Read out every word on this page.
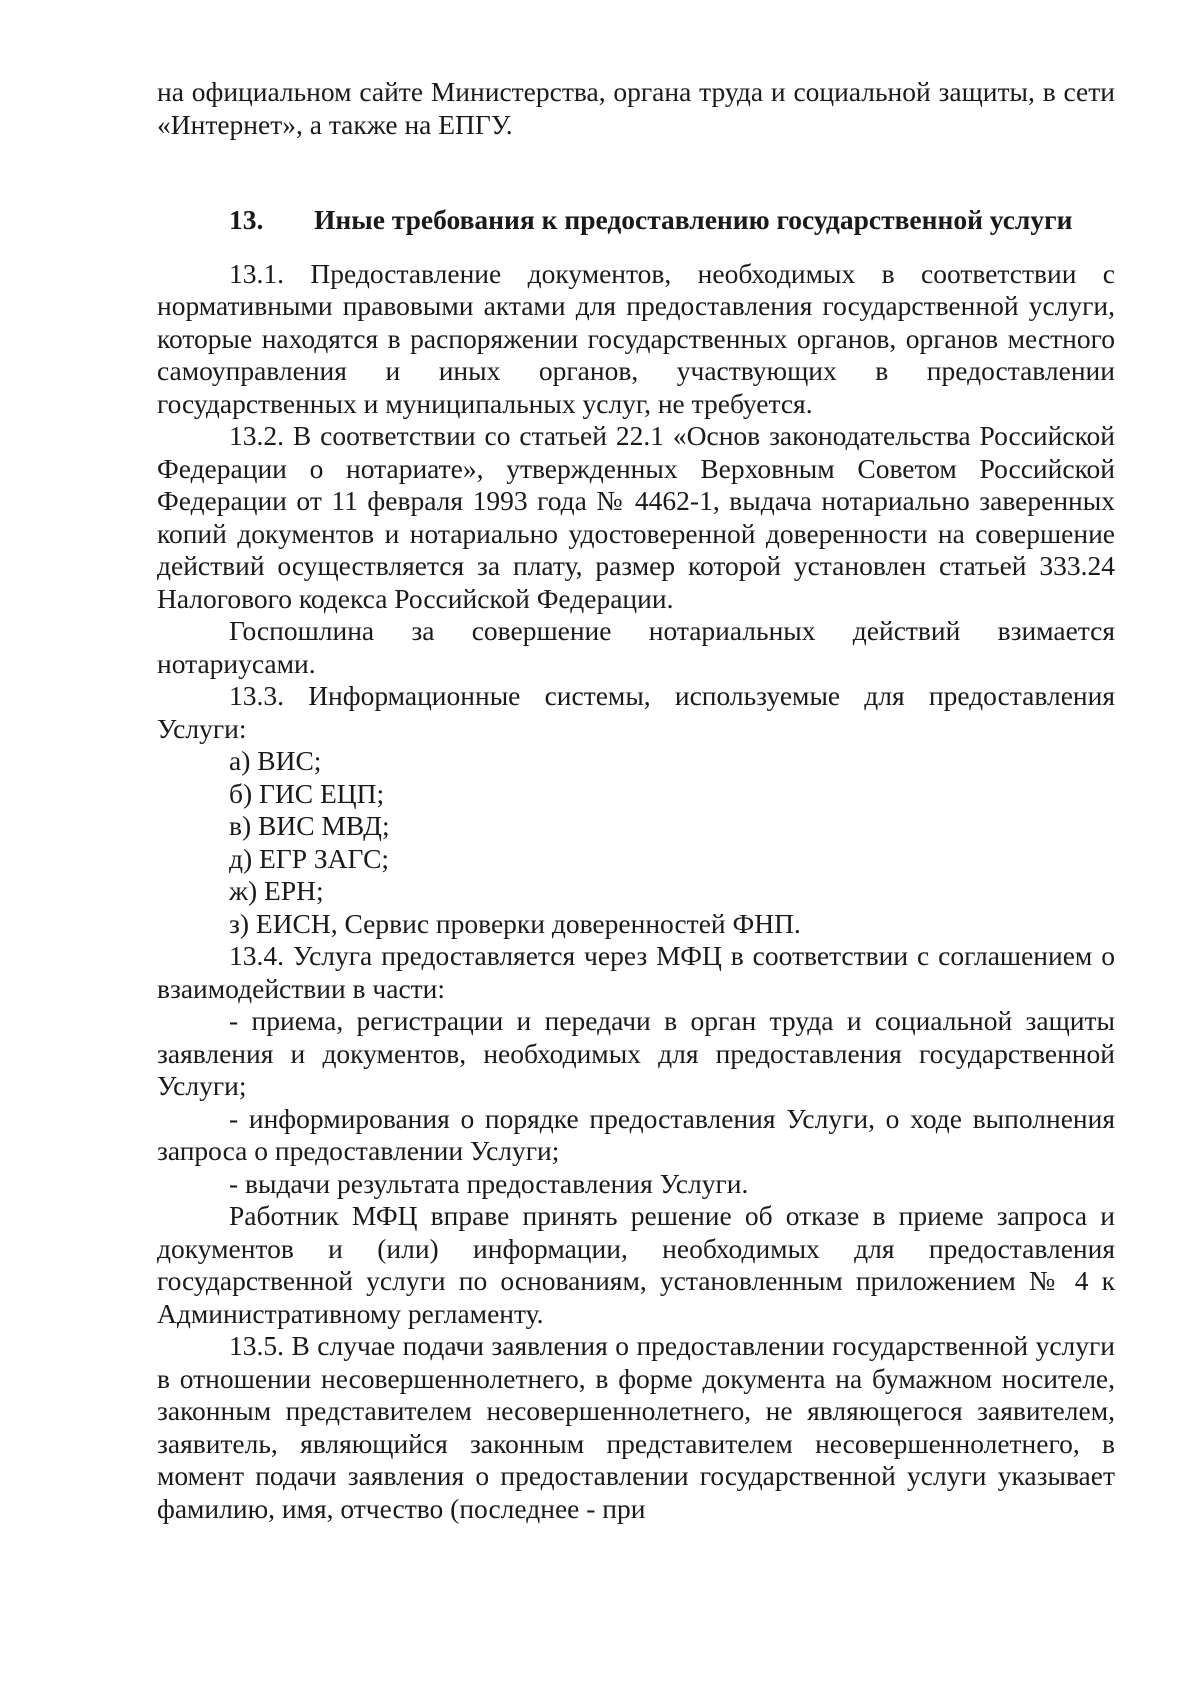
на официальном сайте Министерства, органа труда и социальной защиты, в сети «Интернет», а также на ЕПГУ.

13. Иные требования к предоставлению государственной услуги

13.1. Предоставление документов, необходимых в соответствии с нормативными правовыми актами для предоставления государственной услуги, которые находятся в распоряжении государственных органов, органов местного самоуправления и иных органов, участвующих в предоставлении государственных и муниципальных услуг, не требуется.

13.2. В соответствии со статьей 22.1 «Основ законодательства Российской Федерации о нотариате», утвержденных Верховным Советом Российской Федерации от 11 февраля 1993 года № 4462-1, выдача нотариально заверенных копий документов и нотариально удостоверенной доверенности на совершение действий осуществляется за плату, размер которой установлен статьей 333.24 Налогового кодекса Российской Федерации.

Госпошлина за совершение нотариальных действий взимается нотариусами.

13.3. Информационные системы, используемые для предоставления Услуги:

а) ВИС;

б) ГИС ЕЦП;

в) ВИС МВД;

д) ЕГР ЗАГС;

ж) ЕРН;

з) ЕИСН, Сервис проверки доверенностей ФНП.

13.4. Услуга предоставляется через МФЦ в соответствии с соглашением о взаимодействии в части:

- приема, регистрации и передачи в орган труда и социальной защиты заявления и документов, необходимых для предоставления государственной Услуги;

- информирования о порядке предоставления Услуги, о ходе выполнения запроса о предоставлении Услуги;

- выдачи результата предоставления Услуги.

Работник МФЦ вправе принять решение об отказе в приеме запроса и документов и (или) информации, необходимых для предоставления государственной услуги по основаниям, установленным приложением № 4 к Административному регламенту.

13.5. В случае подачи заявления о предоставлении государственной услуги в отношении несовершеннолетнего, в форме документа на бумажном носителе, законным представителем несовершеннолетнего, не являющегося заявителем, заявитель, являющийся законным представителем несовершеннолетнего, в момент подачи заявления о предоставлении государственной услуги указывает фамилию, имя, отчество (последнее - при
